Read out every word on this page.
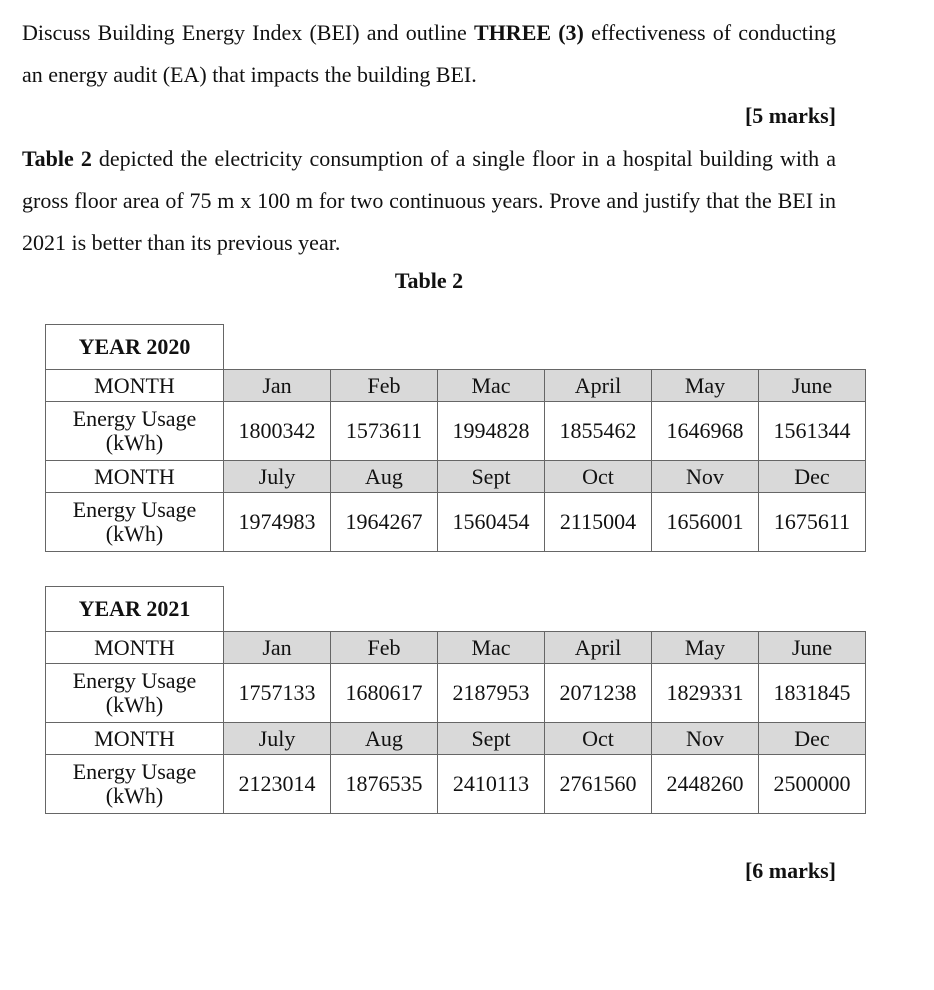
Discuss Building Energy Index (BEI) and outline THREE (3) effectiveness of conducting an energy audit (EA) that impacts the building BEI.
[5 marks]
Table 2 depicted the electricity consumption of a single floor in a hospital building with a gross floor area of 75 m x 100 m for two continuous years. Prove and justify that the BEI in 2021 is better than its previous year.
Table 2
YEAR 2020						
MONTH	Jan	Feb	Mac	April	May	June
Energy Usage
(kWh)	1800342	1573611	1994828	1855462	1646968	1561344
MONTH	July	Aug	Sept	Oct	Nov	Dec
Energy Usage
(kWh)	1974983	1964267	1560454	2115004	1656001	1675611
YEAR 2021						
MONTH	Jan	Feb	Mac	April	May	June
Energy Usage
(kWh)	1757133	1680617	2187953	2071238	1829331	1831845
MONTH	July	Aug	Sept	Oct	Nov	Dec
Energy Usage
(kWh)	2123014	1876535	2410113	2761560	2448260	2500000
[6 marks]
